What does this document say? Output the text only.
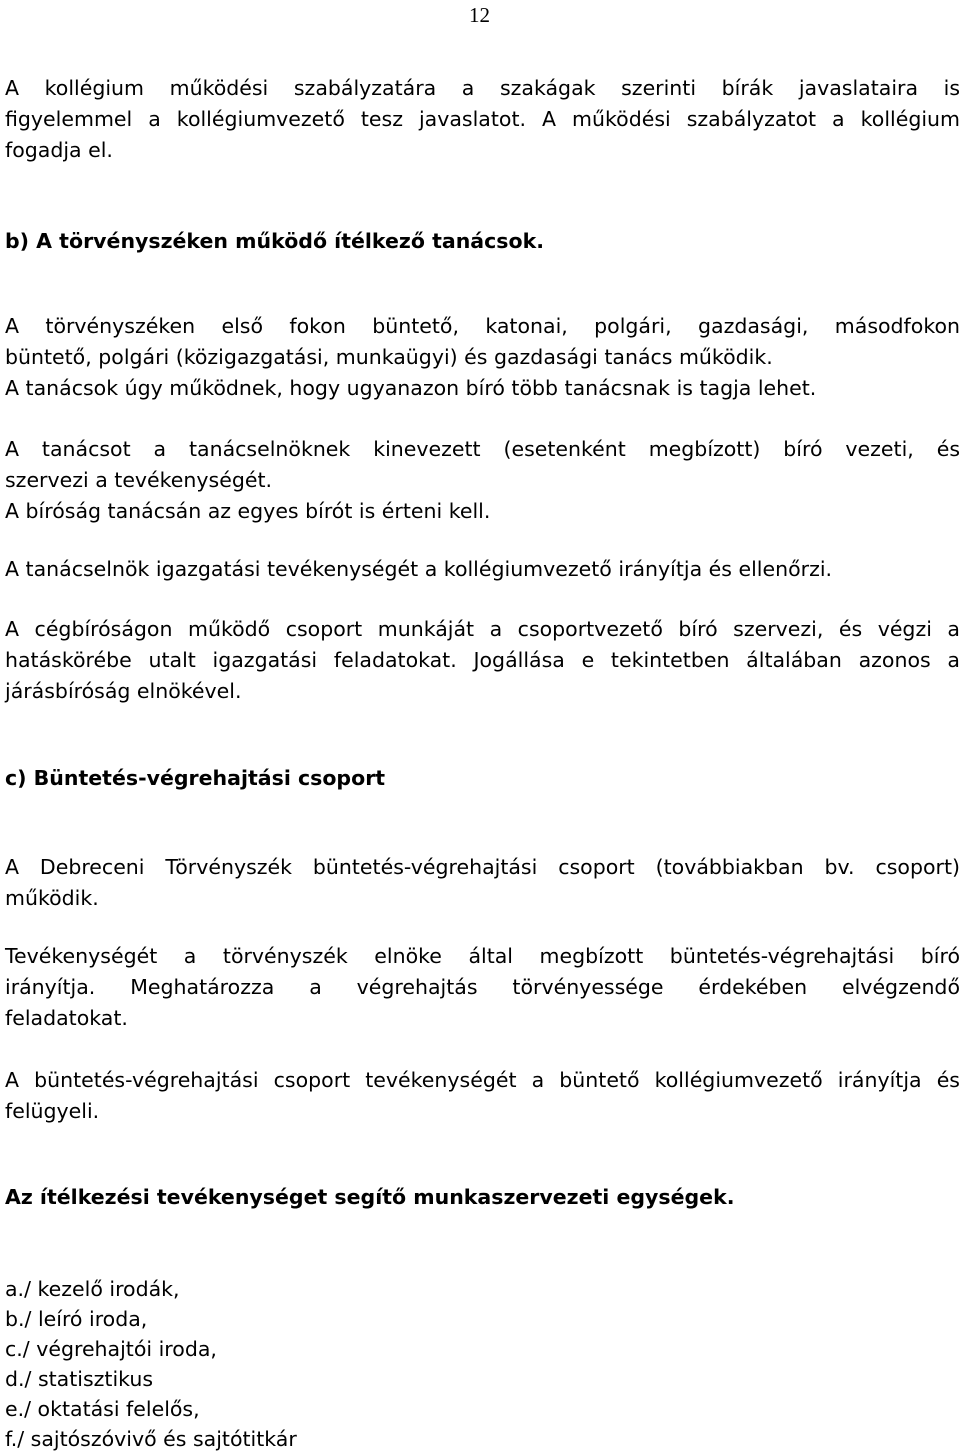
12

A kollégium működési szabályzatára a szakágak szerinti bírák javaslataira is
figyelemmel a kollégiumvezető tesz javaslatot. A működési szabályzatot a kollégium
fogadja el.

b) A törvényszéken működő ítélkező tanácsok.

A törvényszéken első fokon büntető, katonai, polgári, gazdasági, másodfokon
büntető, polgári (közigazgatási, munkaügyi) és gazdasági tanács működik.
A tanácsok úgy működnek, hogy ugyanazon bíró több tanácsnak is tagja lehet.

A tanácsot a tanácselnöknek kinevezett (esetenként megbízott) bíró vezeti, és
szervezi a tevékenységét.
A bíróság tanácsán az egyes bírót is érteni kell.

A tanácselnök igazgatási tevékenységét a kollégiumvezető irányítja és ellenőrzi.

A cégbíróságon működő csoport munkáját a csoportvezető bíró szervezi, és végzi a
hatáskörébe utalt igazgatási feladatokat. Jogállása e tekintetben általában azonos a
járásbíróság elnökével.

c) Büntetés-végrehajtási csoport

A Debreceni Törvényszék büntetés-végrehajtási csoport (továbbiakban bv. csoport)
működik.

Tevékenységét a törvényszék elnöke által megbízott büntetés-végrehajtási bíró
irányítja. Meghatározza a végrehajtás törvényessége érdekében elvégzendő
feladatokat.

A büntetés-végrehajtási csoport tevékenységét a büntető kollégiumvezető irányítja és
felügyeli.

Az ítélkezési tevékenységet segítő munkaszervezeti egységek.

a./ kezelő irodák,
b./ leíró iroda,
c./ végrehajtói iroda,
d./ statisztikus
e./ oktatási felelős,
f./ sajtószóvivő és sajtótitkár
